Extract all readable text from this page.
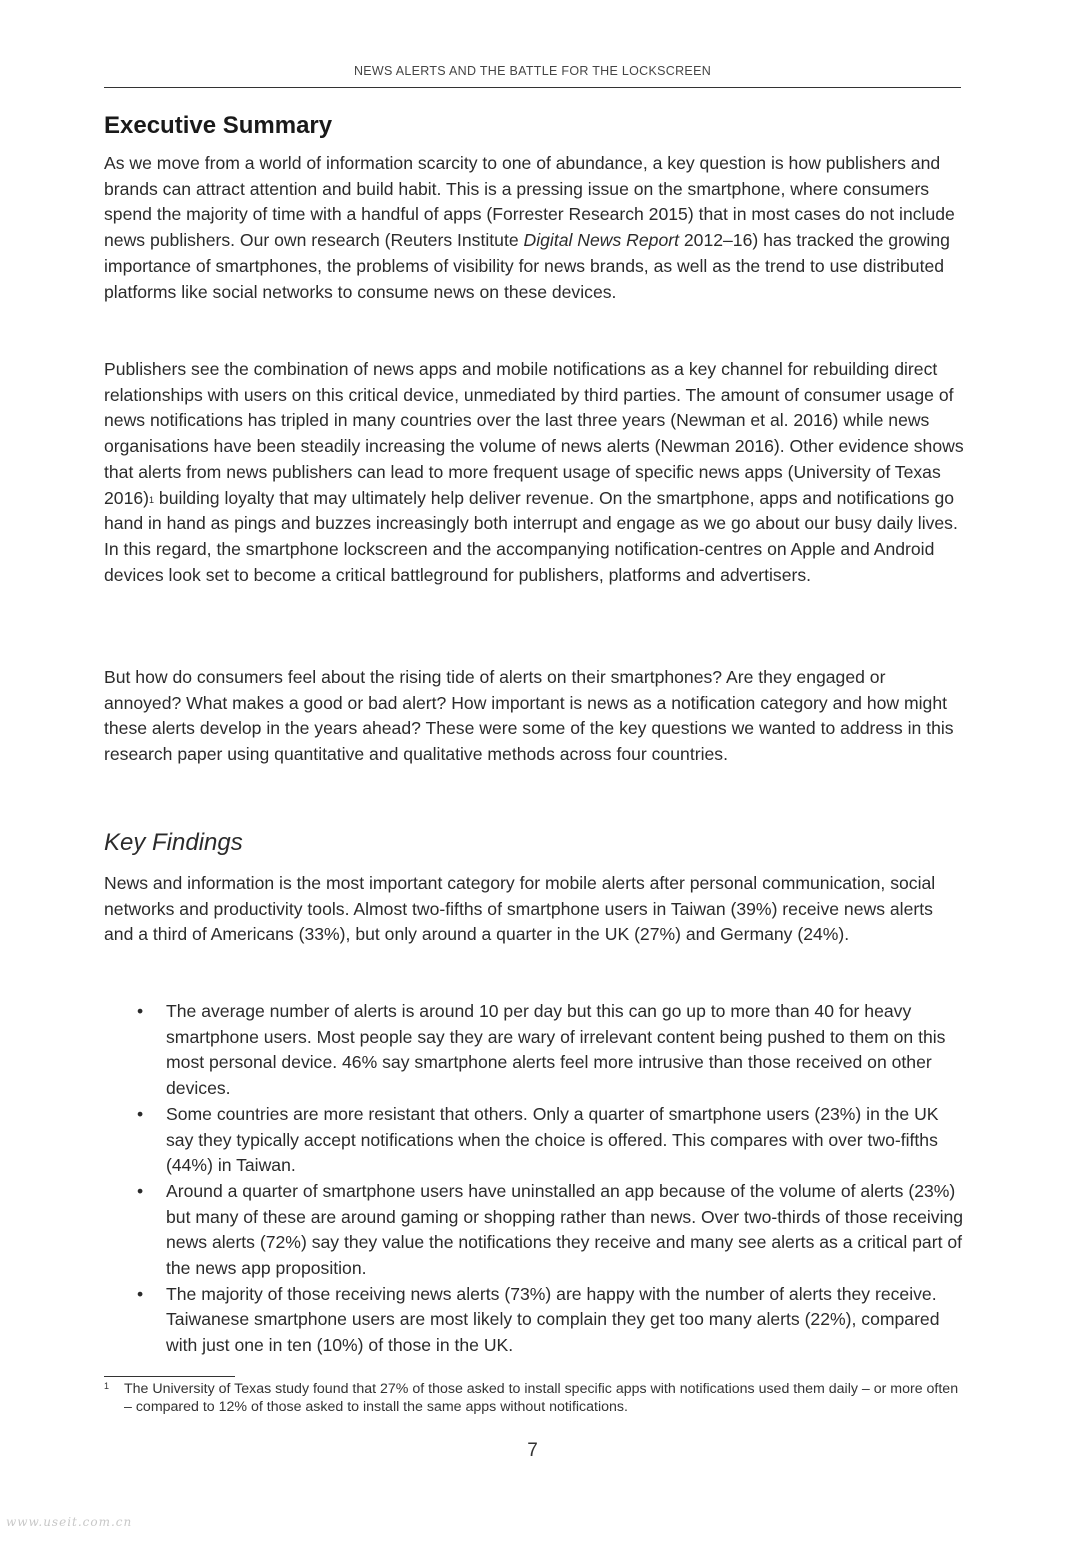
NEWS ALERTS AND THE BATTLE FOR THE LOCKSCREEN
Executive Summary

As we move from a world of information scarcity to one of abundance, a key question is how publishers and brands can attract attention and build habit. This is a pressing issue on the smartphone, where consumers spend the majority of time with a handful of apps (Forrester Research 2015) that in most cases do not include news publishers. Our own research (Reuters Institute Digital News Report 2012–16) has tracked the growing importance of smartphones, the problems of visibility for news brands, as well as the trend to use distributed platforms like social networks to consume news on these devices.

Publishers see the combination of news apps and mobile notifications as a key channel for rebuilding direct relationships with users on this critical device, unmediated by third parties. The amount of consumer usage of news notifications has tripled in many countries over the last three years (Newman et al. 2016) while news organisations have been steadily increasing the volume of news alerts (Newman 2016). Other evidence shows that alerts from news publishers can lead to more frequent usage of specific news apps (University of Texas 2016)$^1$ building loyalty that may ultimately help deliver revenue. On the smartphone, apps and notifications go hand in hand as pings and buzzes increasingly both interrupt and engage as we go about our busy daily lives. In this regard, the smartphone lockscreen and the accompanying notification-centres on Apple and Android devices look set to become a critical battleground for publishers, platforms and advertisers.

But how do consumers feel about the rising tide of alerts on their smartphones? Are they engaged or annoyed? What makes a good or bad alert? How important is news as a notification category and how might these alerts develop in the years ahead? These were some of the key questions we wanted to address in this research paper using quantitative and qualitative methods across four countries.

Key Findings

News and information is the most important category for mobile alerts after personal communication, social networks and productivity tools. Almost two-fifths of smartphone users in Taiwan (39%) receive news alerts and a third of Americans (33%), but only around a quarter in the UK (27%) and Germany (24%).

• The average number of alerts is around 10 per day but this can go up to more than 40 for heavy smartphone users. Most people say they are wary of irrelevant content being pushed to them on this most personal device. 46% say smartphone alerts feel more intrusive than those received on other devices.
• Some countries are more resistant that others. Only a quarter of smartphone users (23%) in the UK say they typically accept notifications when the choice is offered. This compares with over two-fifths (44%) in Taiwan.
• Around a quarter of smartphone users have uninstalled an app because of the volume of alerts (23%) but many of these are around gaming or shopping rather than news. Over two-thirds of those receiving news alerts (72%) say they value the notifications they receive and many see alerts as a critical part of the news app proposition.
• The majority of those receiving news alerts (73%) are happy with the number of alerts they receive. Taiwanese smartphone users are most likely to complain they get too many alerts (22%), compared with just one in ten (10%) of those in the UK.
1	The University of Texas study found that 27% of those asked to install specific apps with notifications used them daily – or more often – compared to 12% of those asked to install the same apps without notifications.
7
www.useit.com.cn
